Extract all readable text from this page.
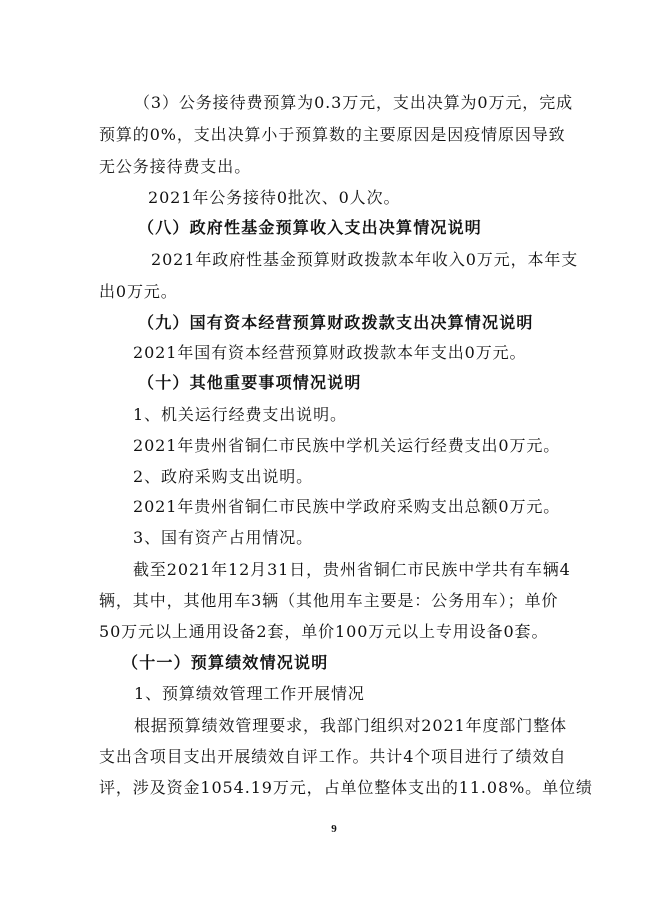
（3）公务接待费预算为0.3万元，支出决算为0万元，完成
预算的0%，支出决算小于预算数的主要原因是因疫情原因导致
无公务接待费支出。
2021年公务接待0批次、0人次。
（八）政府性基金预算收入支出决算情况说明
2021年政府性基金预算财政拨款本年收入0万元，本年支
出0万元。
（九）国有资本经营预算财政拨款支出决算情况说明
2021年国有资本经营预算财政拨款本年支出0万元。
（十）其他重要事项情况说明
1、机关运行经费支出说明。
2021年贵州省铜仁市民族中学机关运行经费支出0万元。
2、政府采购支出说明。
2021年贵州省铜仁市民族中学政府采购支出总额0万元。
3、国有资产占用情况。
截至2021年12月31日，贵州省铜仁市民族中学共有车辆4
辆，其中，其他用车3辆（其他用车主要是：公务用车）；单价
50万元以上通用设备2套，单价100万元以上专用设备0套。
（十一）预算绩效情况说明
1、预算绩效管理工作开展情况
根据预算绩效管理要求，我部门组织对2021年度部门整体
支出含项目支出开展绩效自评工作。共计4个项目进行了绩效自
评，涉及资金1054.19万元，占单位整体支出的11.08%。单位绩
9
